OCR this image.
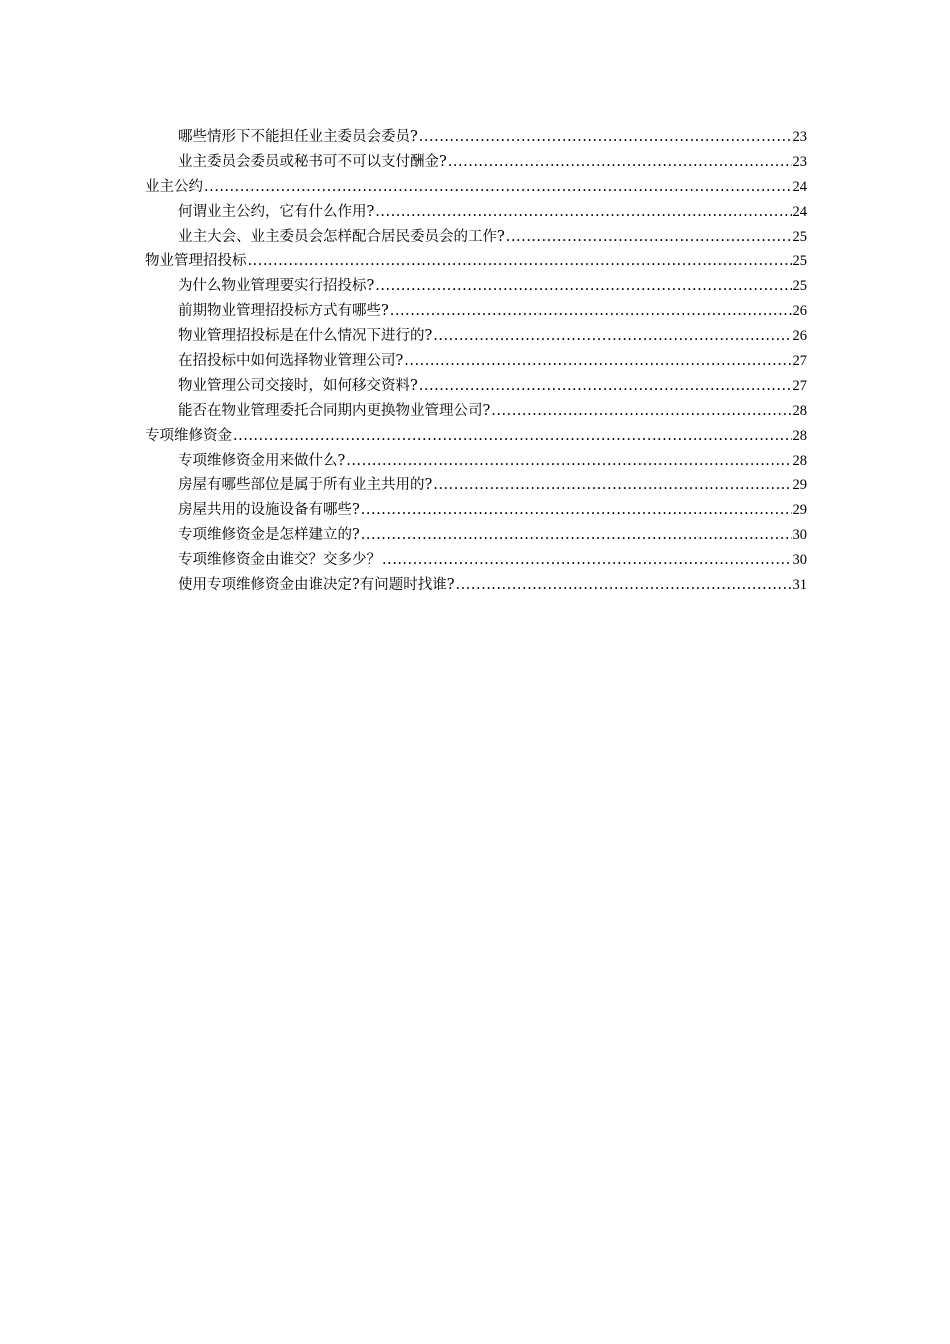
哪些情形下不能担任业主委员会委员? .....	23
业主委员会委员或秘书可不可以支付酬金? .....	23
业主公约 .....	24
何谓业主公约，它有什么作用? .....	24
业主大会、业主委员会怎样配合居民委员会的工作? .....	25
物业管理招投标 .....	25
为什么物业管理要实行招投标? .....	25
前期物业管理招投标方式有哪些? .....	26
物业管理招投标是在什么情况下进行的? .....	26
在招投标中如何选择物业管理公司? .....	27
物业管理公司交接时，如何移交资料? .....	27
能否在物业管理委托合同期内更换物业管理公司? .....	28
专项维修资金 .....	28
专项维修资金用来做什么? .....	28
房屋有哪些部位是属于所有业主共用的? .....	29
房屋共用的设施设备有哪些? .....	29
专项维修资金是怎样建立的? .....	30
专项维修资金由谁交？交多少？ .....	30
使用专项维修资金由谁决定?有问题时找谁? .....	31
